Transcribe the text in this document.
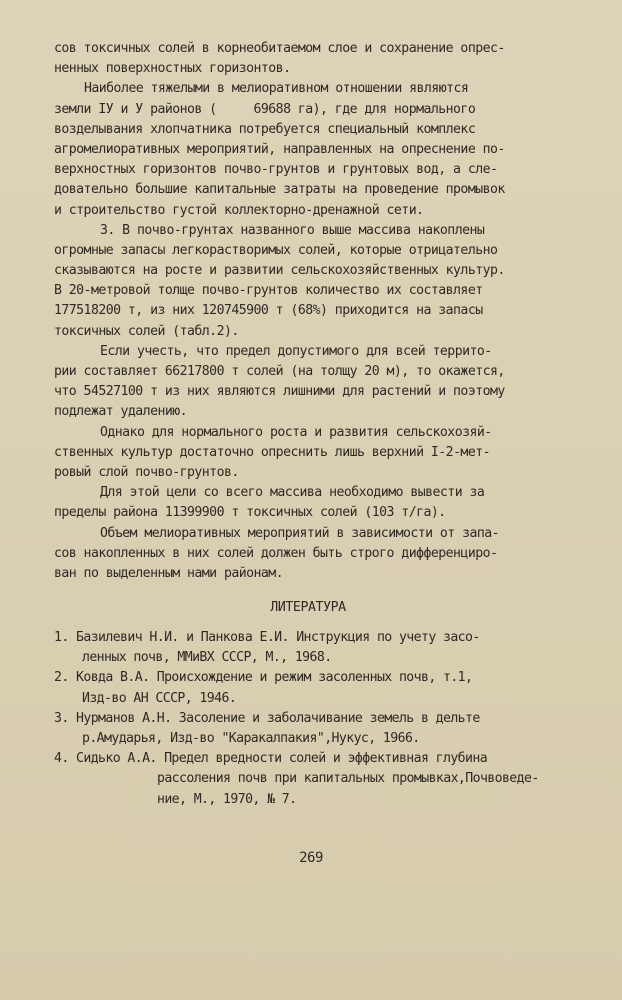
сов токсичных солей в корнеобитаемом слое и сохранение опрес-
ненных поверхностных горизонтов.
Наиболее тяжелыми в мелиоративном отношении являются
земли IУ и У районов (     69688 га), где для нормального
возделывания хлопчатника потребуется специальный комплекс
агромелиоративных мероприятий, направленных на опреснение по-
верхностных горизонтов почво-грунтов и грунтовых вод, а сле-
довательно большие капитальные затраты на проведение промывок
и строительство густой коллекторно-дренажной сети.
3. В почво-грунтах названного выше массива накоплены
огромные запасы легкорастворимых солей, которые отрицательно
сказываются на росте и развитии сельскохозяйственных культур.
В 20-метровой толще почво-грунтов количество их составляет
177518200 т, из них 120745900 т (68%) приходится на запасы
токсичных солей (табл.2).
Если учесть, что предел допустимого для всей террито-
рии составляет 66217800 т солей (на толщу 20 м), то окажется,
что 54527100 т из них являются лишними для растений и поэтому
подлежат удалению.
Однако для нормального роста и развития сельскохозяй-
ственных культур достаточно опреснить лишь верхний I-2-мет-
ровый слой почво-грунтов.
Для этой цели со всего массива необходимо вывести за
пределы района 11399900 т токсичных солей (103 т/га).
Объем мелиоративных мероприятий в зависимости от запа-
сов накопленных в них солей должен быть строго дифференциро-
ван по выделенным нами районам.
ЛИТЕРАТУРА
1. Базилевич Н.И. и Панкова Е.И. Инструкция по учету засо-
ленных почв, ММиВХ СССР, М., 1968.
2. Ковда В.А. Происхождение и режим засоленных почв, т.1,
Изд-во АН СССР, 1946.
3. Нурманов А.Н. Засоление и заболачивание земель в дельте
р.Амударья, Изд-во "Каракалпакия",Нукус, 1966.
4. Сидько А.А. Предел вредности солей и эффективная глубина
рассоления почв при капитальных промывках,Почвоведе-
ние, М., 1970, № 7.
269
